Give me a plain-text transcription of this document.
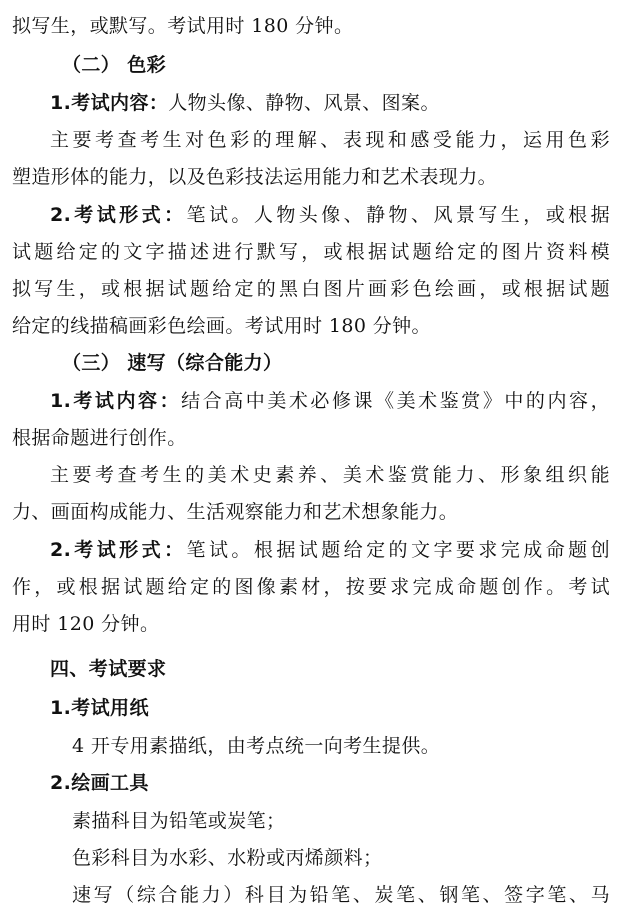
拟写生，或默写。考试用时 180 分钟。
（二） 色彩
1.考试内容：人物头像、静物、风景、图案。
主要考查考生对色彩的理解、表现和感受能力，运用色彩
塑造形体的能力，以及色彩技法运用能力和艺术表现力。
2.考试形式：笔试。人物头像、静物、风景写生，或根据
试题给定的文字描述进行默写，或根据试题给定的图片资料模
拟写生，或根据试题给定的黑白图片画彩色绘画，或根据试题
给定的线描稿画彩色绘画。考试用时 180 分钟。
（三） 速写（综合能力）
1.考试内容：结合高中美术必修课《美术鉴赏》中的内容，
根据命题进行创作。
主要考查考生的美术史素养、美术鉴赏能力、形象组织能
力、画面构成能力、生活观察能力和艺术想象能力。
2.考试形式：笔试。根据试题给定的文字要求完成命题创
作，或根据试题给定的图像素材，按要求完成命题创作。考试
用时 120 分钟。
四、考试要求
1.考试用纸
4 开专用素描纸，由考点统一向考生提供。
2.绘画工具
素描科目为铅笔或炭笔；
色彩科目为水彩、水粉或丙烯颜料；
速写（综合能力）科目为铅笔、炭笔、钢笔、签字笔、马
